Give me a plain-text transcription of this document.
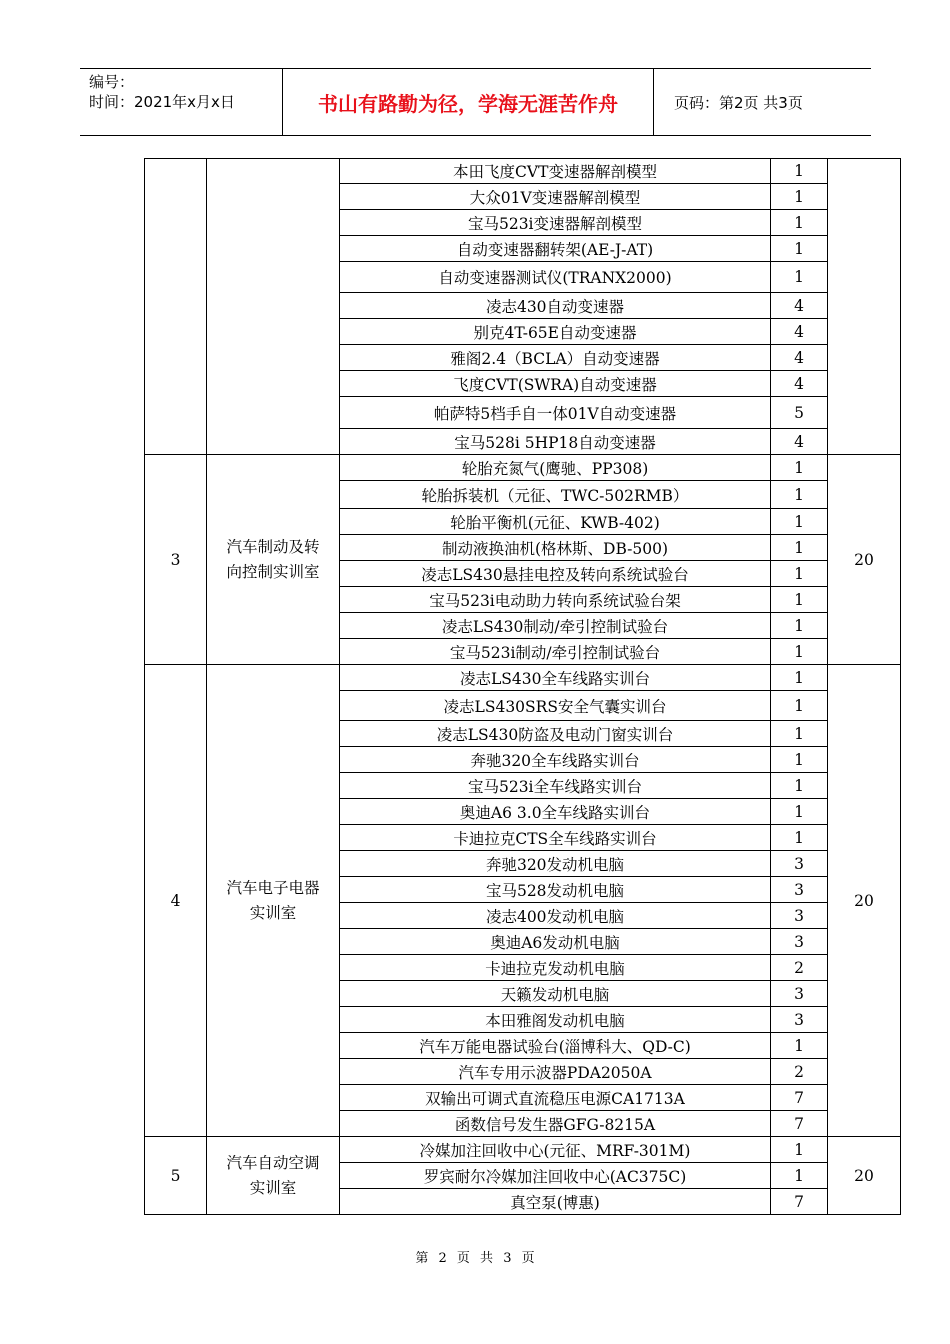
编号：
时间：2021年x月x日	书山有路勤为径，学海无涯苦作舟	页码：第2页 共3页
		本田飞度CVT变速器解剖模型	1	
		大众01V变速器解剖模型	1	
		宝马523i变速器解剖模型	1	
		自动变速器翻转架(AE-J-AT)	1	
		自动变速器测试仪(TRANX2000)	1	
		凌志430自动变速器	4	
		别克4T-65E自动变速器	4	
		雅阁2.4（BCLA）自动变速器	4	
		飞度CVT(SWRA)自动变速器	4	
		帕萨特5档手自一体01V自动变速器	5	
		宝马528i 5HP18自动变速器	4	
3	汽车制动及转向控制实训室	轮胎充氮气(鹰驰、PP308)	1	20
		轮胎拆装机（元征、TWC-502RMB）	1	
		轮胎平衡机(元征、KWB-402)	1	
		制动液换油机(格林斯、DB-500)	1	
		凌志LS430悬挂电控及转向系统试验台	1	
		宝马523i电动助力转向系统试验台架	1	
		凌志LS430制动/牵引控制试验台	1	
		宝马523i制动/牵引控制试验台	1	
4	汽车电子电器实训室	凌志LS430全车线路实训台	1	20
		凌志LS430SRS安全气囊实训台	1	
		凌志LS430防盗及电动门窗实训台	1	
		奔驰320全车线路实训台	1	
		宝马523i全车线路实训台	1	
		奥迪A6 3.0全车线路实训台	1	
		卡迪拉克CTS全车线路实训台	1	
		奔驰320发动机电脑	3	
		宝马528发动机电脑	3	
		凌志400发动机电脑	3	
		奥迪A6发动机电脑	3	
		卡迪拉克发动机电脑	2	
		天籁发动机电脑	3	
		本田雅阁发动机电脑	3	
		汽车万能电器试验台(淄博科大、QD-C)	1	
		汽车专用示波器PDA2050A	2	
		双输出可调式直流稳压电源CA1713A	7	
		函数信号发生器GFG-8215A	7	
5	汽车自动空调实训室	冷媒加注回收中心(元征、MRF-301M)	1	20
		罗宾耐尔冷媒加注回收中心(AC375C)	1	
		真空泵(博惠)	7	
第 2 页 共 3 页
